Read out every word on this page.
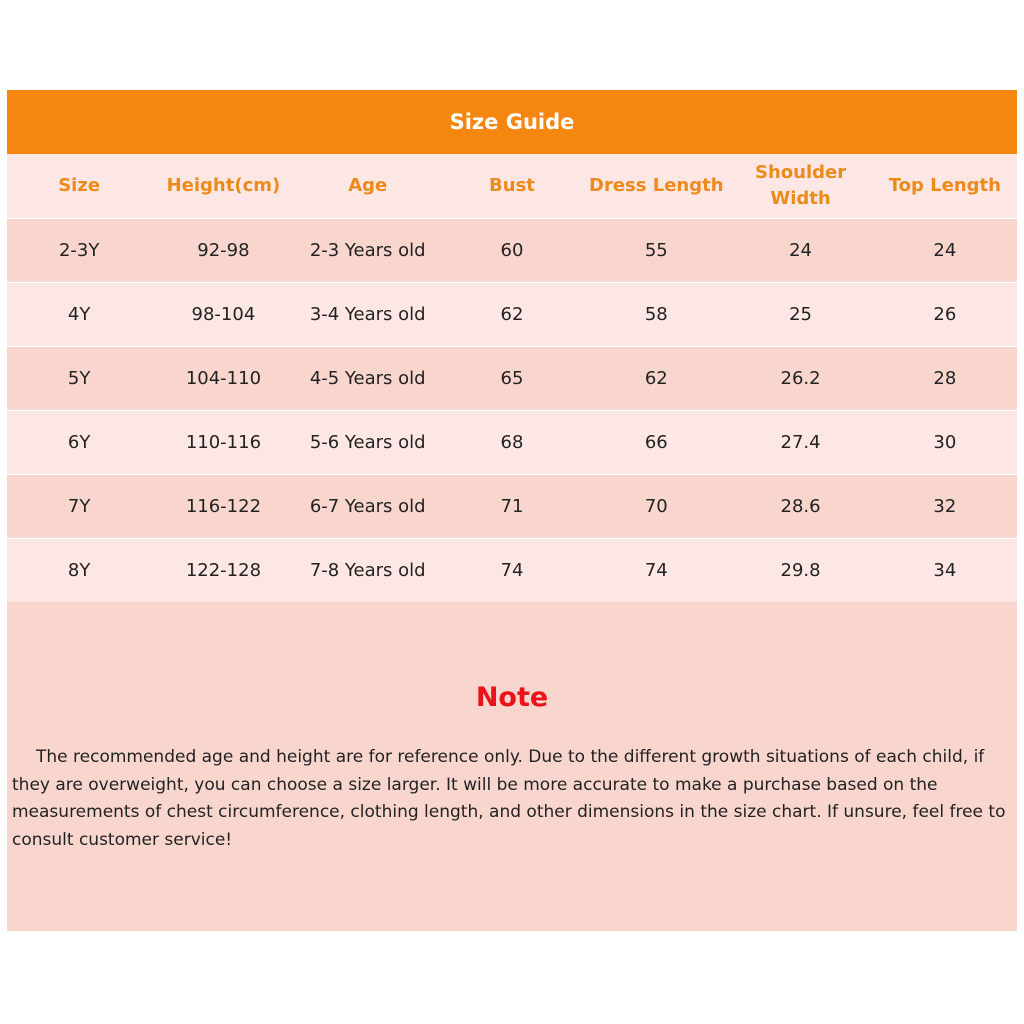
Size Guide
Size	Height(cm)	Age	Bust	Dress Length	Shoulder Width	Top Length
2-3Y	92-98	2-3 Years old	60	55	24	24
4Y	98-104	3-4 Years old	62	58	25	26
5Y	104-110	4-5 Years old	65	62	26.2	28
6Y	110-116	5-6 Years old	68	66	27.4	30
7Y	116-122	6-7 Years old	71	70	28.6	32
8Y	122-128	7-8 Years old	74	74	29.8	34
Note

The recommended age and height are for reference only. Due to the different growth situations of each child, if they are overweight, you can choose a size larger. It will be more accurate to make a purchase based on the measurements of chest circumference, clothing length, and other dimensions in the size chart. If unsure, feel free to consult customer service!
